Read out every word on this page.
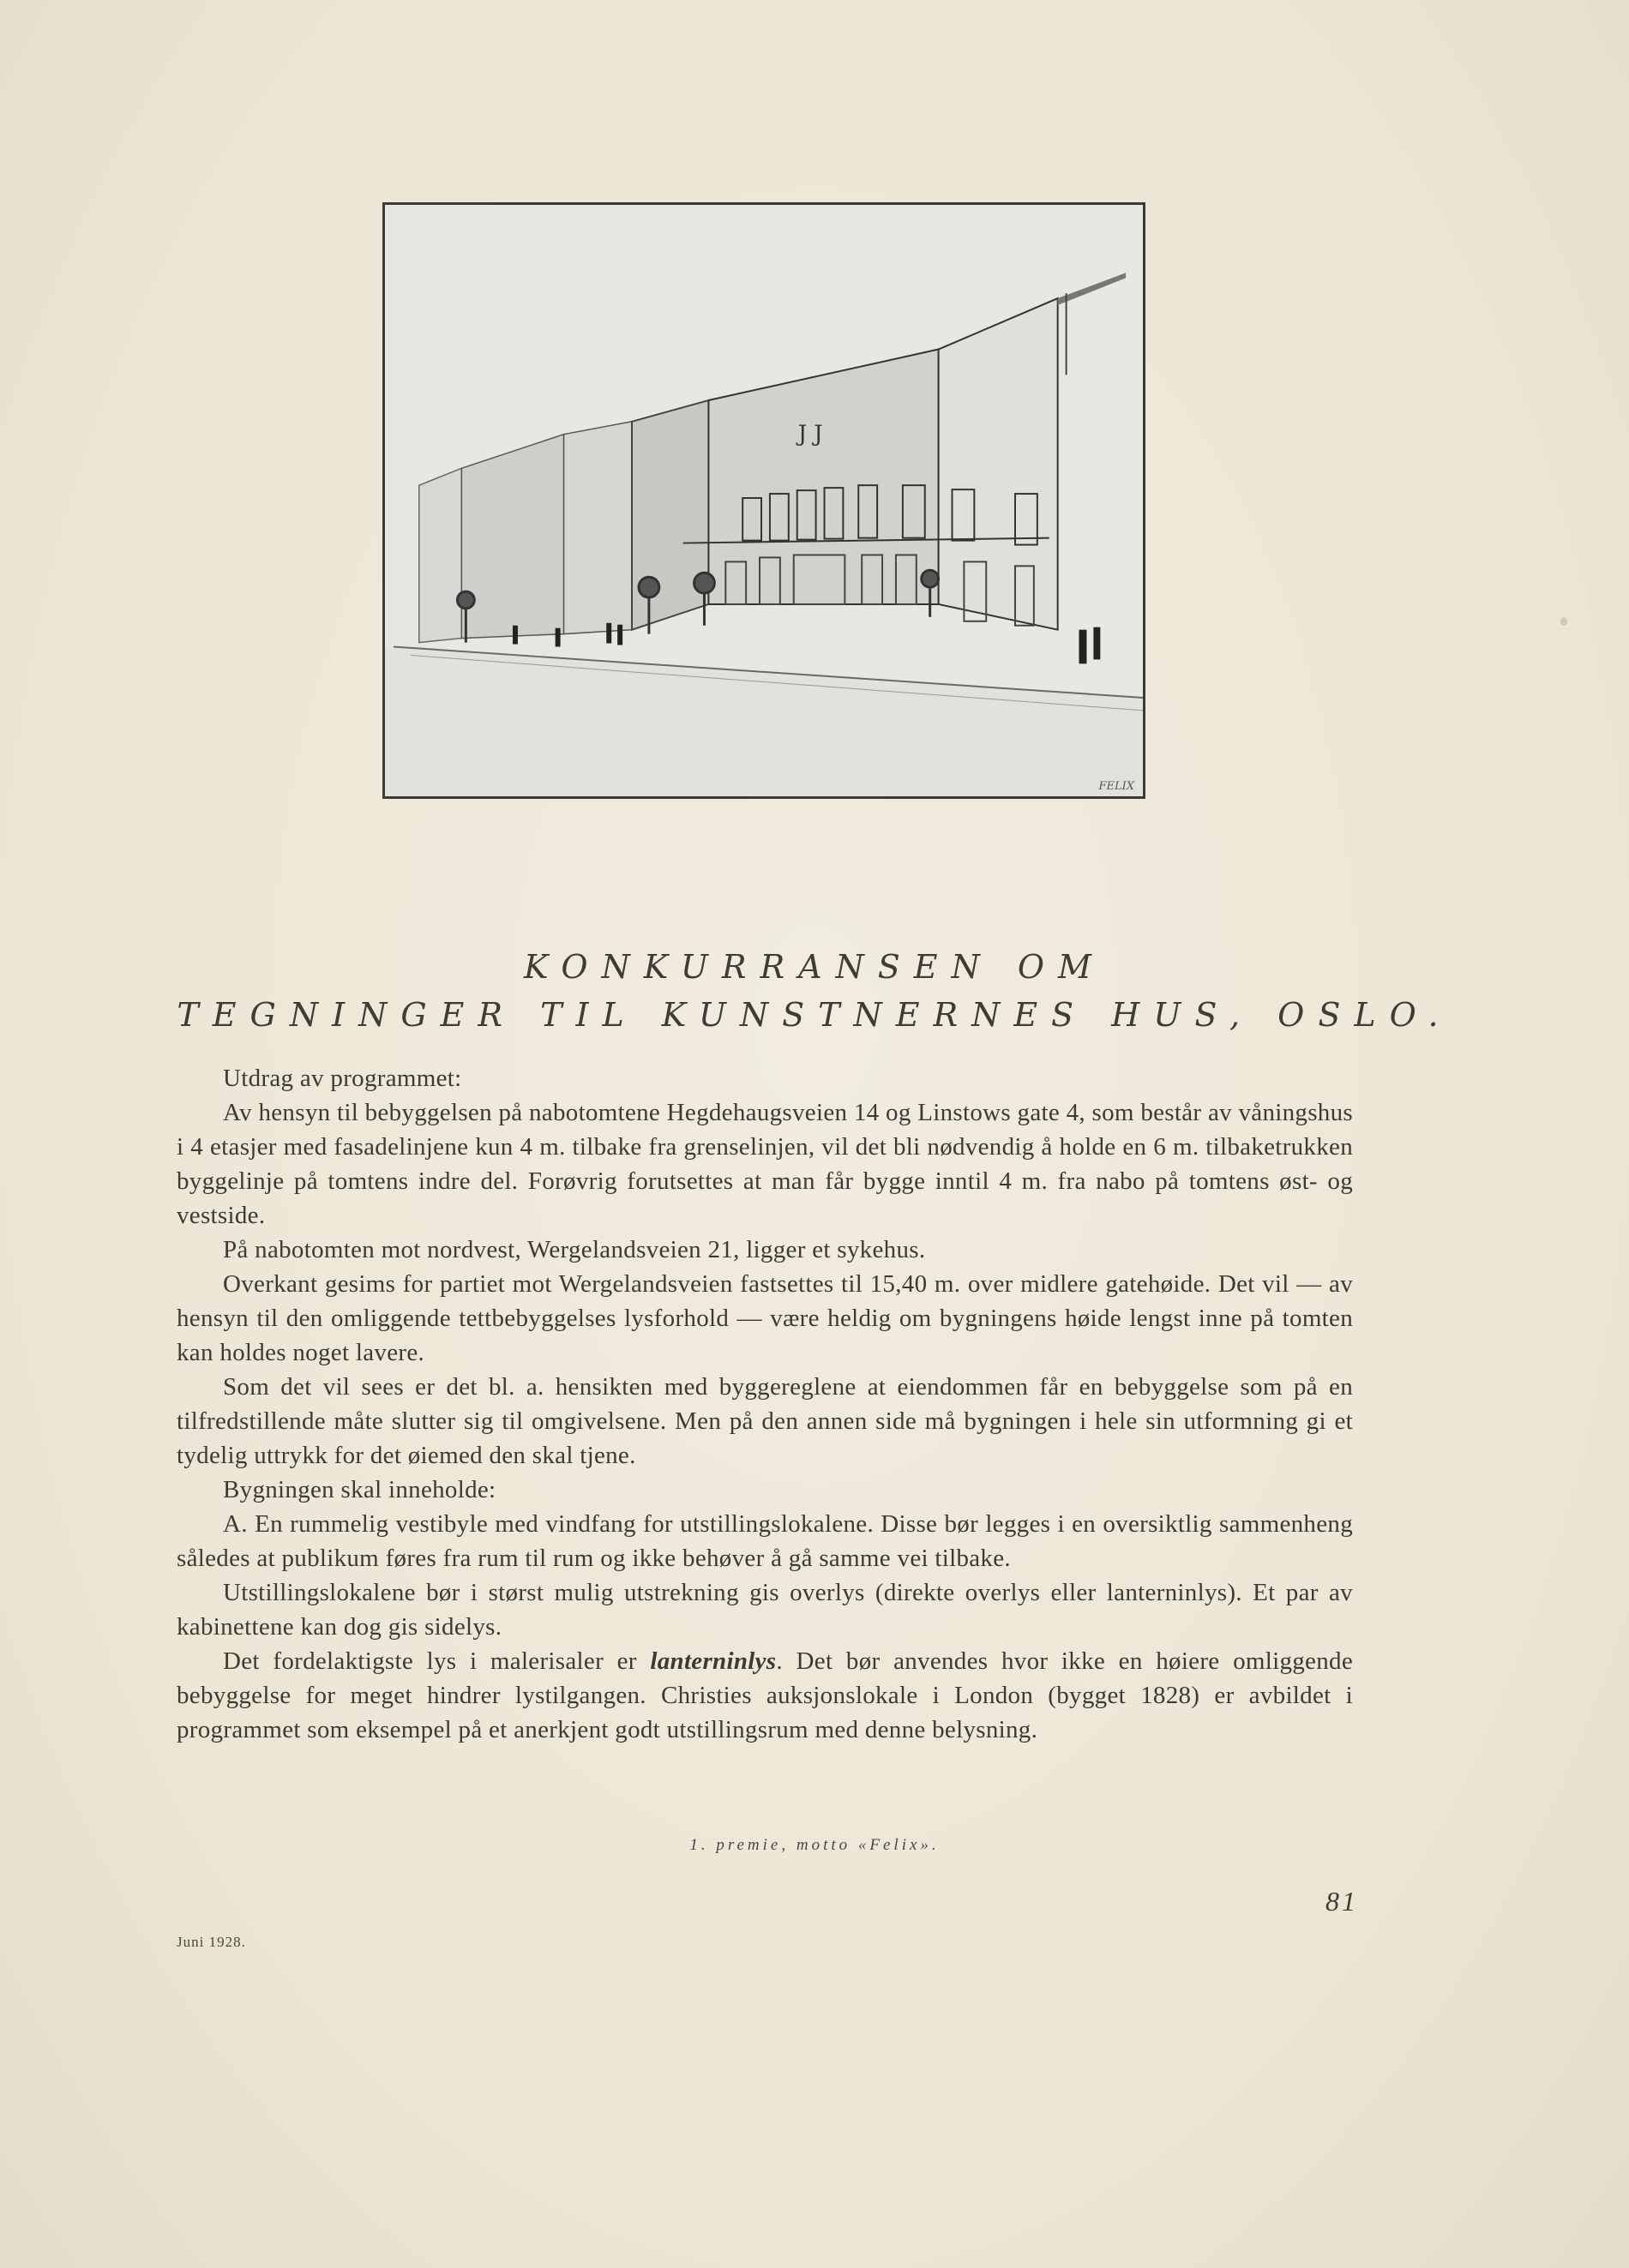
J J
FELIX
KONKURRANSEN OM
TEGNINGER TIL KUNSTNERNES HUS, OSLO.

Utdrag av programmet:

Av hensyn til bebyggelsen på nabotomtene Hegdehaugsveien 14 og Linstows gate 4, som består av våningshus i 4 etasjer med fasadelinjene kun 4 m. tilbake fra grenselinjen, vil det bli nødvendig å holde en 6 m. tilbaketrukken byggelinje på tomtens indre del. Forøvrig forutsettes at man får bygge inntil 4 m. fra nabo på tomtens øst- og vestside.

På nabotomten mot nordvest, Wergelandsveien 21, ligger et sykehus.

Overkant gesims for partiet mot Wergelandsveien fastsettes til 15,40 m. over midlere gatehøide. Det vil — av hensyn til den omliggende tettbebyggelses lysforhold — være heldig om bygningens høide lengst inne på tomten kan holdes noget lavere.

Som det vil sees er det bl. a. hensikten med byggereglene at eiendommen får en bebyggelse som på en tilfredstillende måte slutter sig til omgivelsene. Men på den annen side må bygningen i hele sin utformning gi et tydelig uttrykk for det øiemed den skal tjene.

Bygningen skal inneholde:

A. En rummelig vestibyle med vindfang for utstillingslokalene. Disse bør legges i en oversiktlig sammenheng således at publikum føres fra rum til rum og ikke behøver å gå samme vei tilbake.

Utstillingslokalene bør i størst mulig utstrekning gis overlys (direkte overlys eller lanterninlys). Et par av kabinettene kan dog gis sidelys.

Det fordelaktigste lys i malerisaler er lanterninlys. Det bør anvendes hvor ikke en høiere omliggende bebyggelse for meget hindrer lystilgangen. Christies auksjonslokale i London (bygget 1828) er avbildet i programmet som eksempel på et anerkjent godt utstillingsrum med denne belysning.

1. premie, motto «Felix».
81
Juni 1928.
